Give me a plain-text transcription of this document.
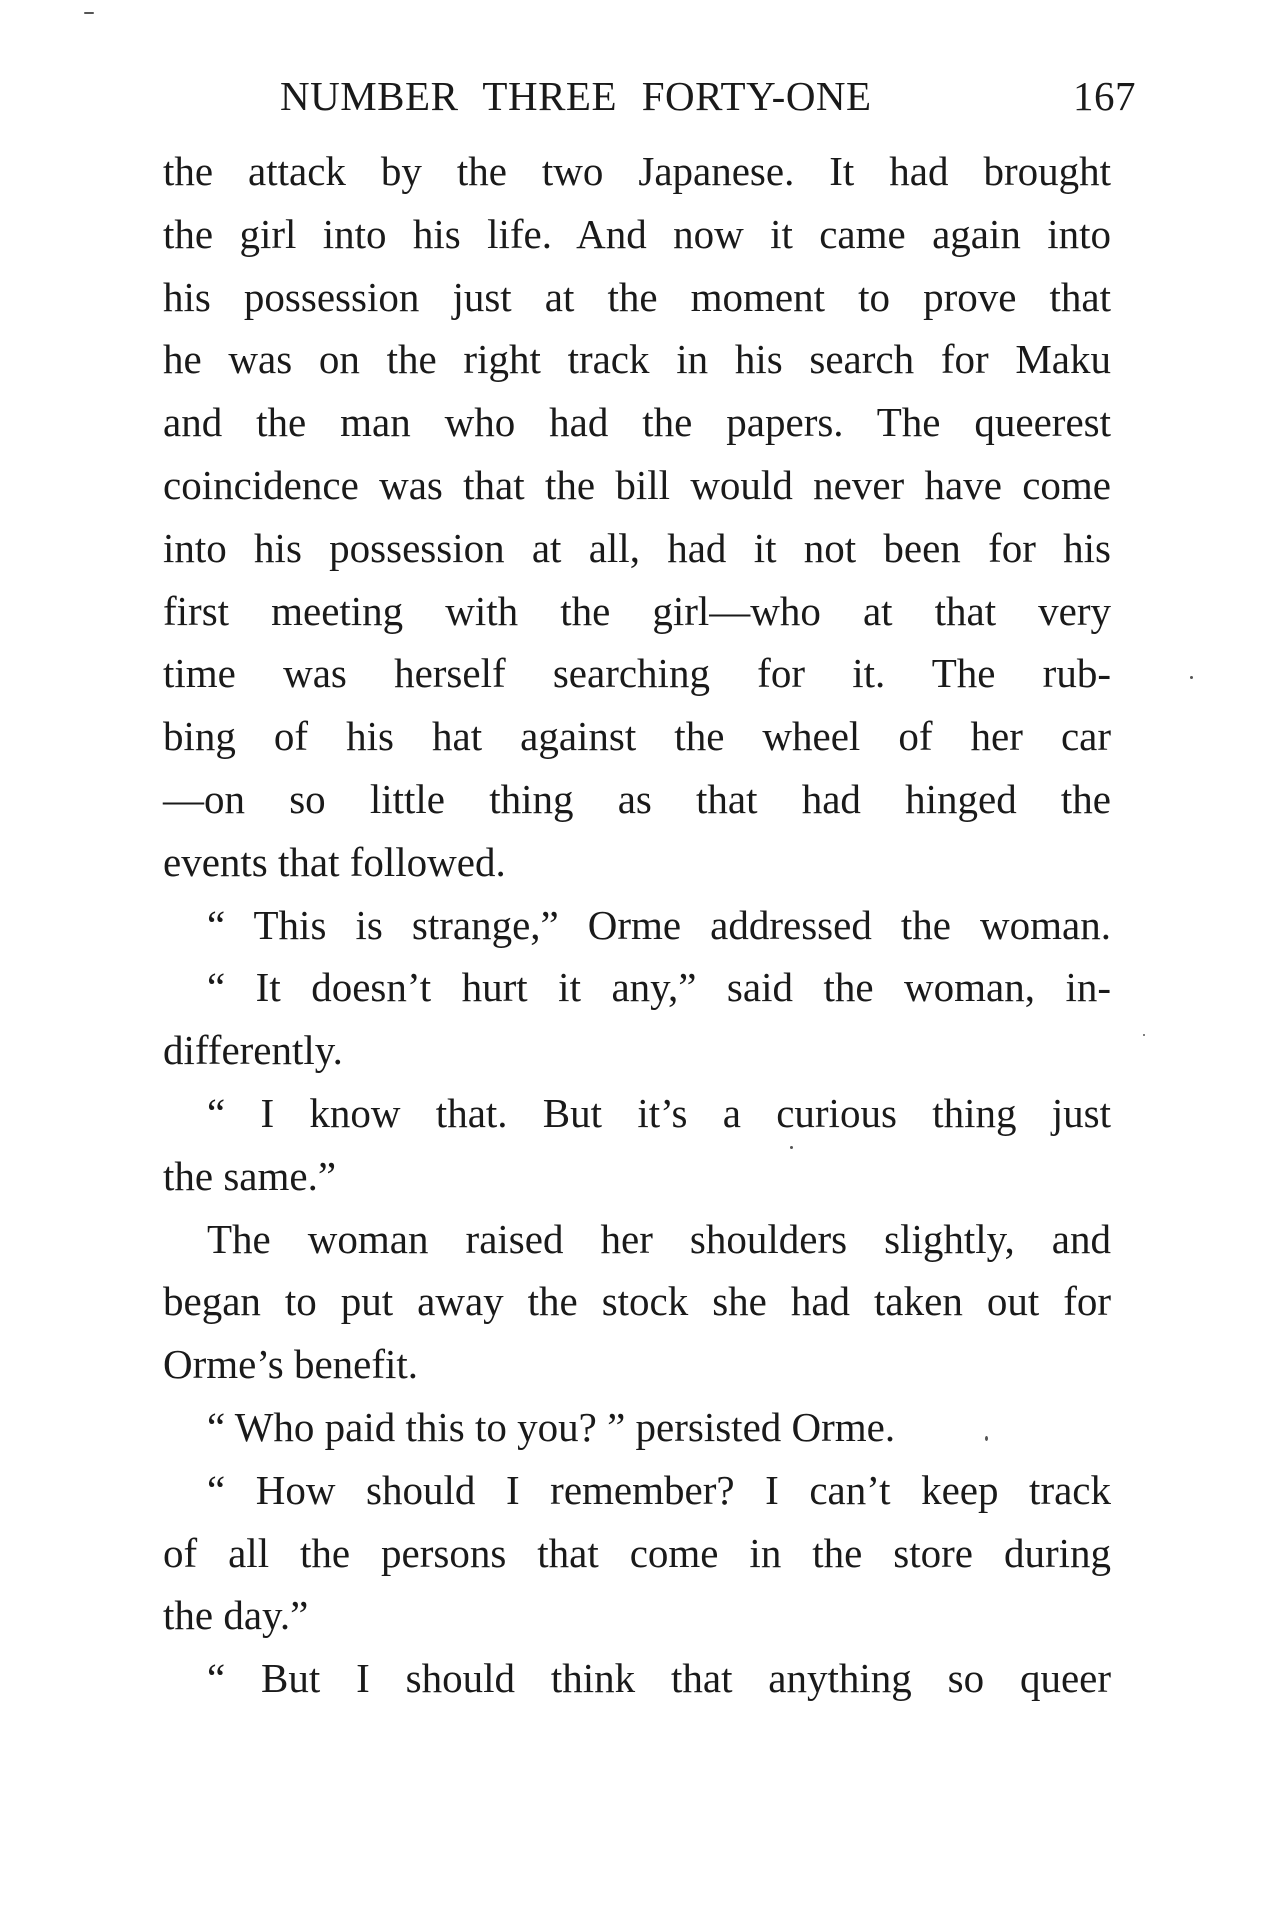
NUMBER THREE FORTY-ONE	167
the attack by the two Japanese. It had brought
the girl into his life. And now it came again into
his possession just at the moment to prove that
he was on the right track in his search for Maku
and the man who had the papers. The queerest
coincidence was that the bill would never have come
into his possession at all, had it not been for his
first meeting with the girl—who at that very
time was herself searching for it. The rub-
bing of his hat against the wheel of her car
—on so little thing as that had hinged the
events that followed.
“ This is strange,” Orme addressed the woman.
“ It doesn’t hurt it any,” said the woman, in-
differently.
“ I know that. But it’s a curious thing just
the same.”
The woman raised her shoulders slightly, and
began to put away the stock she had taken out for
Orme’s benefit.
“ Who paid this to you? ” persisted Orme.
“ How should I remember? I can’t keep track
of all the persons that come in the store during
the day.”
“ But I should think that anything so queer
